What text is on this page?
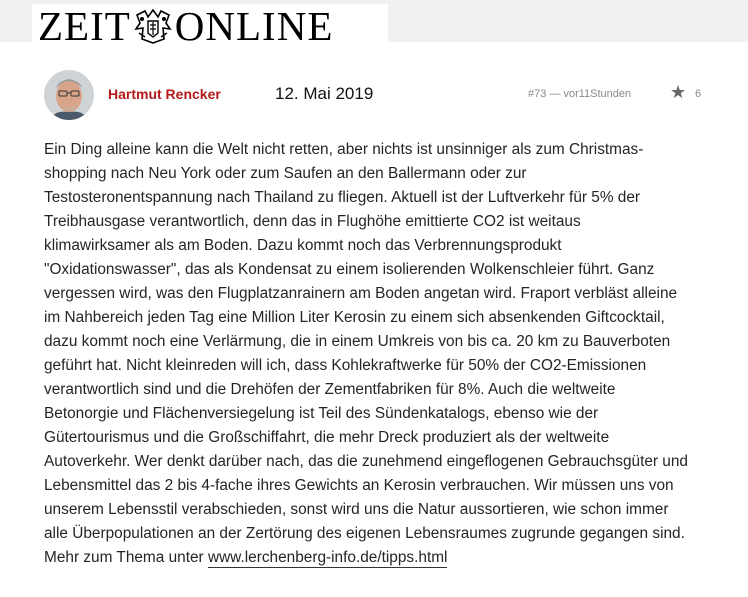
ZEIT ONLINE
Hartmut Rencker	12. Mai 2019	#73 — vor11Stunden ★ 6
Ein Ding alleine kann die Welt nicht retten, aber nichts ist unsinniger als zum Christmas-
shopping nach Neu York oder zum Saufen an den Ballermann oder zur
Testosteronentspannung nach Thailand zu fliegen. Aktuell ist der Luftverkehr für 5% der
Treibhausgase verantwortlich, denn das in Flughöhe emittierte CO2 ist weitaus
klimawirksamer als am Boden. Dazu kommt noch das Verbrennungsprodukt
"Oxidationswasser", das als Kondensat zu einem isolierenden Wolkenschleier führt. Ganz
vergessen wird, was den Flugplatzanrainern am Boden angetan wird. Fraport verbläst alleine
im Nahbereich jeden Tag eine Million Liter Kerosin zu einem sich absenkenden Giftcocktail,
dazu kommt noch eine Verlärmung, die in einem Umkreis von bis ca. 20 km zu Bauverboten
geführt hat. Nicht kleinreden will ich, dass Kohlekraftwerke für 50% der CO2-Emissionen
verantwortlich sind und die Drehöfen der Zementfabriken für 8%. Auch die weltweite
Betonorgie und Flächenversiegelung ist Teil des Sündenkatalogs, ebenso wie der
Gütertourismus und die Großschiffahrt, die mehr Dreck produziert als der weltweite
Autoverkehr. Wer denkt darüber nach, das die zunehmend eingeflogenen Gebrauchsgüter und
Lebensmittel das 2 bis 4-fache ihres Gewichts an Kerosin verbrauchen. Wir müssen uns von
unserem Lebensstil verabschieden, sonst wird uns die Natur aussortieren, wie schon immer
alle Überpopulationen an der Zertörung des eigenen Lebensraumes zugrunde gegangen sind.
Mehr zum Thema unter www.lerchenberg-info.de/tipps.html
